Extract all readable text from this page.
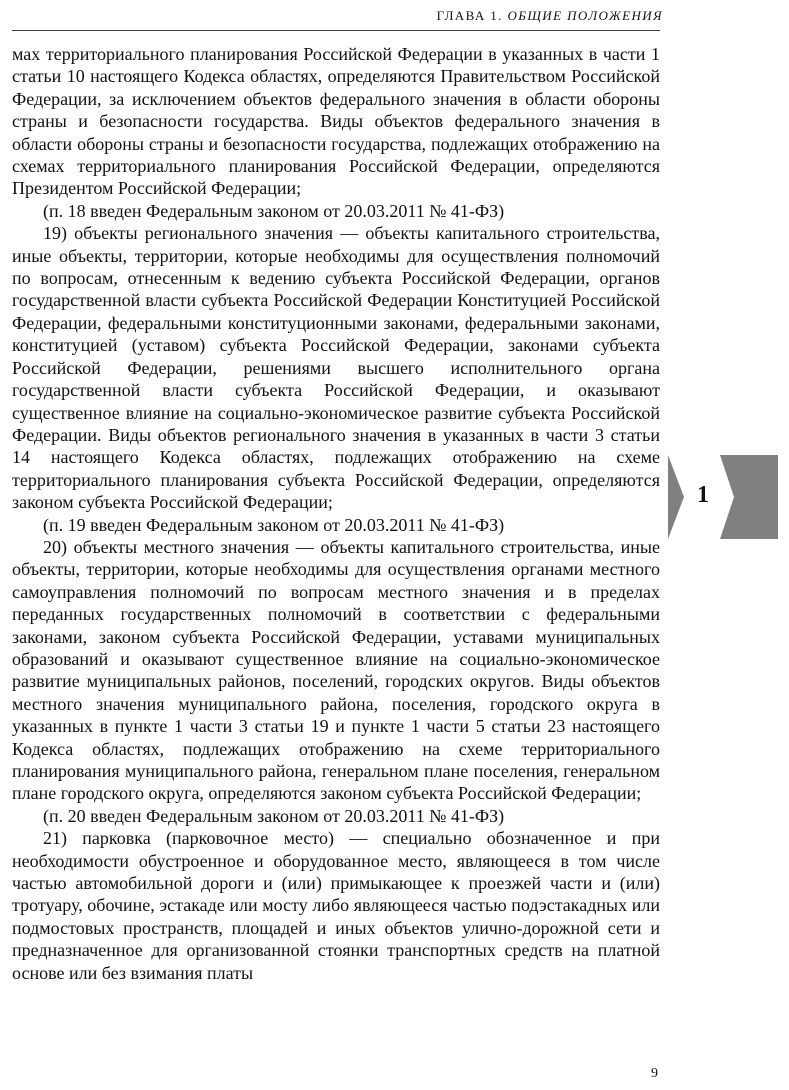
ГЛАВА 1. ОБЩИЕ ПОЛОЖЕНИЯ

мах территориального планирования Российской Федерации в указанных в части 1 статьи 10 настоящего Кодекса областях, определяются Правительством Российской Федерации, за исключением объектов федерального значения в области обороны страны и безопасности государства. Виды объектов федерального значения в области обороны страны и безопасности государства, подлежащих отображению на схемах территориального планирования Российской Федерации, определяются Президентом Российской Федерации;

(п. 18 введен Федеральным законом от 20.03.2011 № 41-ФЗ)

19) объекты регионального значения — объекты капитального строительства, иные объекты, территории, которые необходимы для осуществления полномочий по вопросам, отнесенным к ведению субъекта Российской Федерации, органов государственной власти субъекта Российской Федерации Конституцией Российской Федерации, федеральными конституционными законами, федеральными законами, конституцией (уставом) субъекта Российской Федерации, законами субъекта Российской Федерации, решениями высшего исполнительного органа государственной власти субъекта Российской Федерации, и оказывают существенное влияние на социально-экономическое развитие субъекта Российской Федерации. Виды объектов регионального значения в указанных в части 3 статьи 14 настоящего Кодекса областях, подлежащих отображению на схеме территориального планирования субъекта Российской Федерации, определяются законом субъекта Российской Федерации;

(п. 19 введен Федеральным законом от 20.03.2011 № 41-ФЗ)

20) объекты местного значения — объекты капитального строительства, иные объекты, территории, которые необходимы для осуществления органами местного самоуправления полномочий по вопросам местного значения и в пределах переданных государственных полномочий в соответствии с федеральными законами, законом субъекта Российской Федерации, уставами муниципальных образований и оказывают существенное влияние на социально-экономическое развитие муниципальных районов, поселений, городских округов. Виды объектов местного значения муниципального района, поселения, городского округа в указанных в пункте 1 части 3 статьи 19 и пункте 1 части 5 статьи 23 настоящего Кодекса областях, подлежащих отображению на схеме территориального планирования муниципального района, генеральном плане поселения, генеральном плане городского округа, определяются законом субъекта Российской Федерации;

(п. 20 введен Федеральным законом от 20.03.2011 № 41-ФЗ)

21) парковка (парковочное место) — специально обозначенное и при необходимости обустроенное и оборудованное место, являющееся в том числе частью автомобильной дороги и (или) примыкающее к проезжей части и (или) тротуару, обочине, эстакаде или мосту либо являющееся частью подэстакадных или подмостовых пространств, площадей и иных объектов улично-дорожной сети и предназначенное для организованной стоянки транспортных средств на платной основе или без взимания платы

1
9
